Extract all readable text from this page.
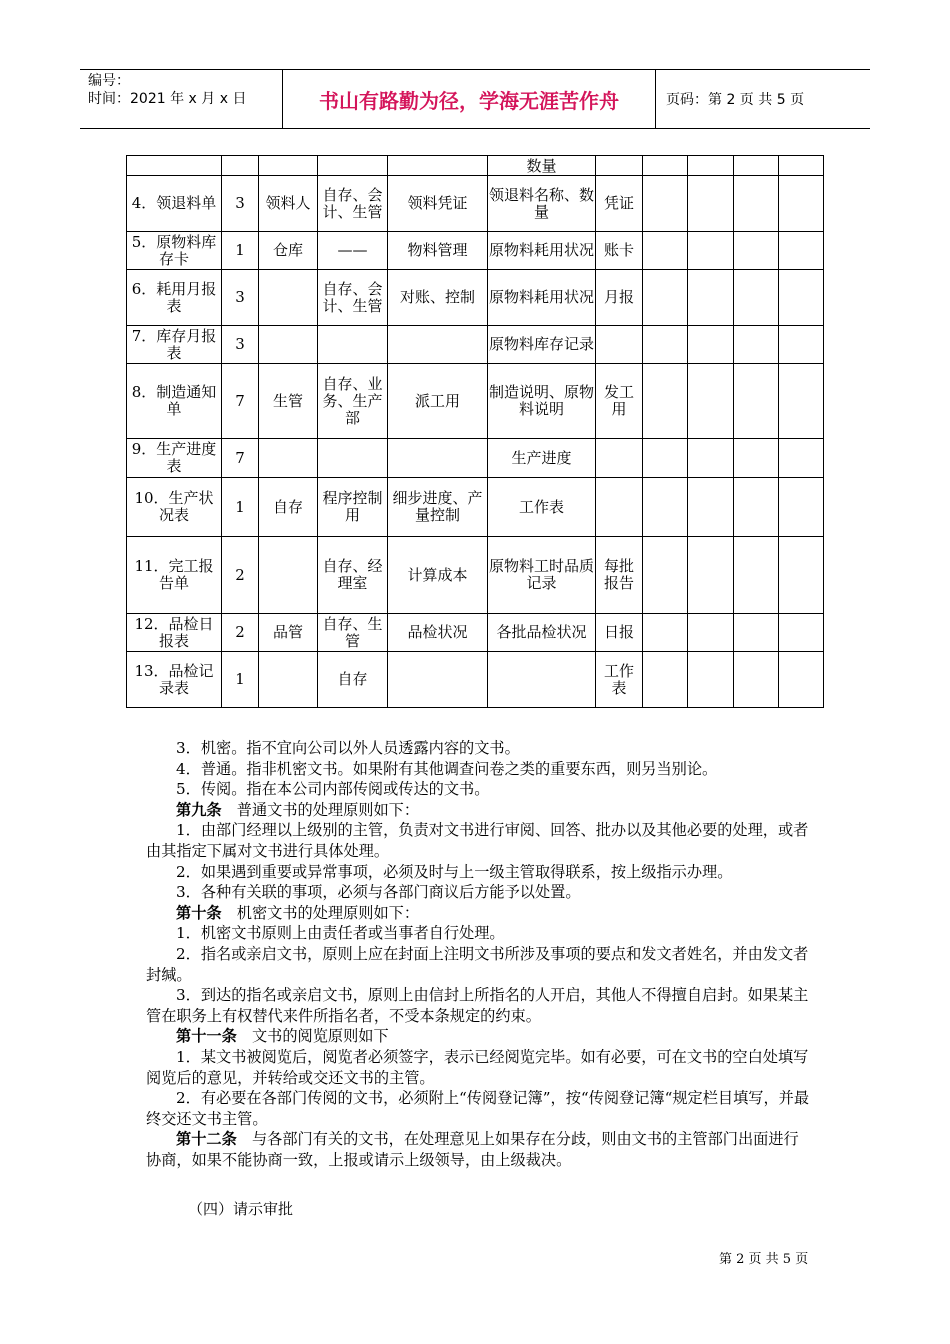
编号：
时间：2021 年 x 月 x 日	书山有路勤为径，学海无涯苦作舟	页码：第 2 页 共 5 页
					数量					
4．领退料单	3	领料人	自存、会计、生管	领料凭证	领退料名称、数量	凭证				
5．原物料库存卡	1	仓库	——	物料管理	原物料耗用状况	账卡				
6．耗用月报表	3		自存、会计、生管	对账、控制	原物料耗用状况	月报				
7．库存月报表	3				原物料库存记录					
8．制造通知单	7	生管	自存、业务、生产部	派工用	制造说明、原物料说明	发工用				
9．生产进度表	7				生产进度					
10．生产状况表	1	自存	程序控制用	细步进度、产量控制	工作表					
11．完工报告单	2		自存、经理室	计算成本	原物料工时品质记录	每批报告				
12．品检日报表	2	品管	自存、生管	品检状况	各批品检状况	日报				
13．品检记录表	1		自存			工作表				

3．机密。指不宜向公司以外人员透露内容的文书。

4．普通。指非机密文书。如果附有其他调查问卷之类的重要东西，则另当别论。

5．传阅。指在本公司内部传阅或传达的文书。

第九条　普通文书的处理原则如下：

1．由部门经理以上级别的主管，负责对文书进行审阅、回答、批办以及其他必要的处理，或者由其指定下属对文书进行具体处理。

2．如果遇到重要或异常事项，必须及时与上一级主管取得联系，按上级指示办理。

3．各种有关联的事项，必须与各部门商议后方能予以处置。

第十条　机密文书的处理原则如下：

1．机密文书原则上由责任者或当事者自行处理。

2．指名或亲启文书，原则上应在封面上注明文书所涉及事项的要点和发文者姓名，并由发文者封缄。

3．到达的指名或亲启文书，原则上由信封上所指名的人开启，其他人不得擅自启封。如果某主管在职务上有权替代来件所指名者，不受本条规定的约束。

第十一条　文书的阅览原则如下

1．某文书被阅览后，阅览者必须签字，表示已经阅览完毕。如有必要，可在文书的空白处填写阅览后的意见，并转给或交还文书的主管。

2．有必要在各部门传阅的文书，必须附上“传阅登记簿”，按“传阅登记簿“规定栏目填写，并最终交还文书主管。

第十二条　与各部门有关的文书，在处理意见上如果存在分歧，则由文书的主管部门出面进行协商，如果不能协商一致，上报或请示上级领导，由上级裁决。

（四）请示审批
第 2 页 共 5 页
